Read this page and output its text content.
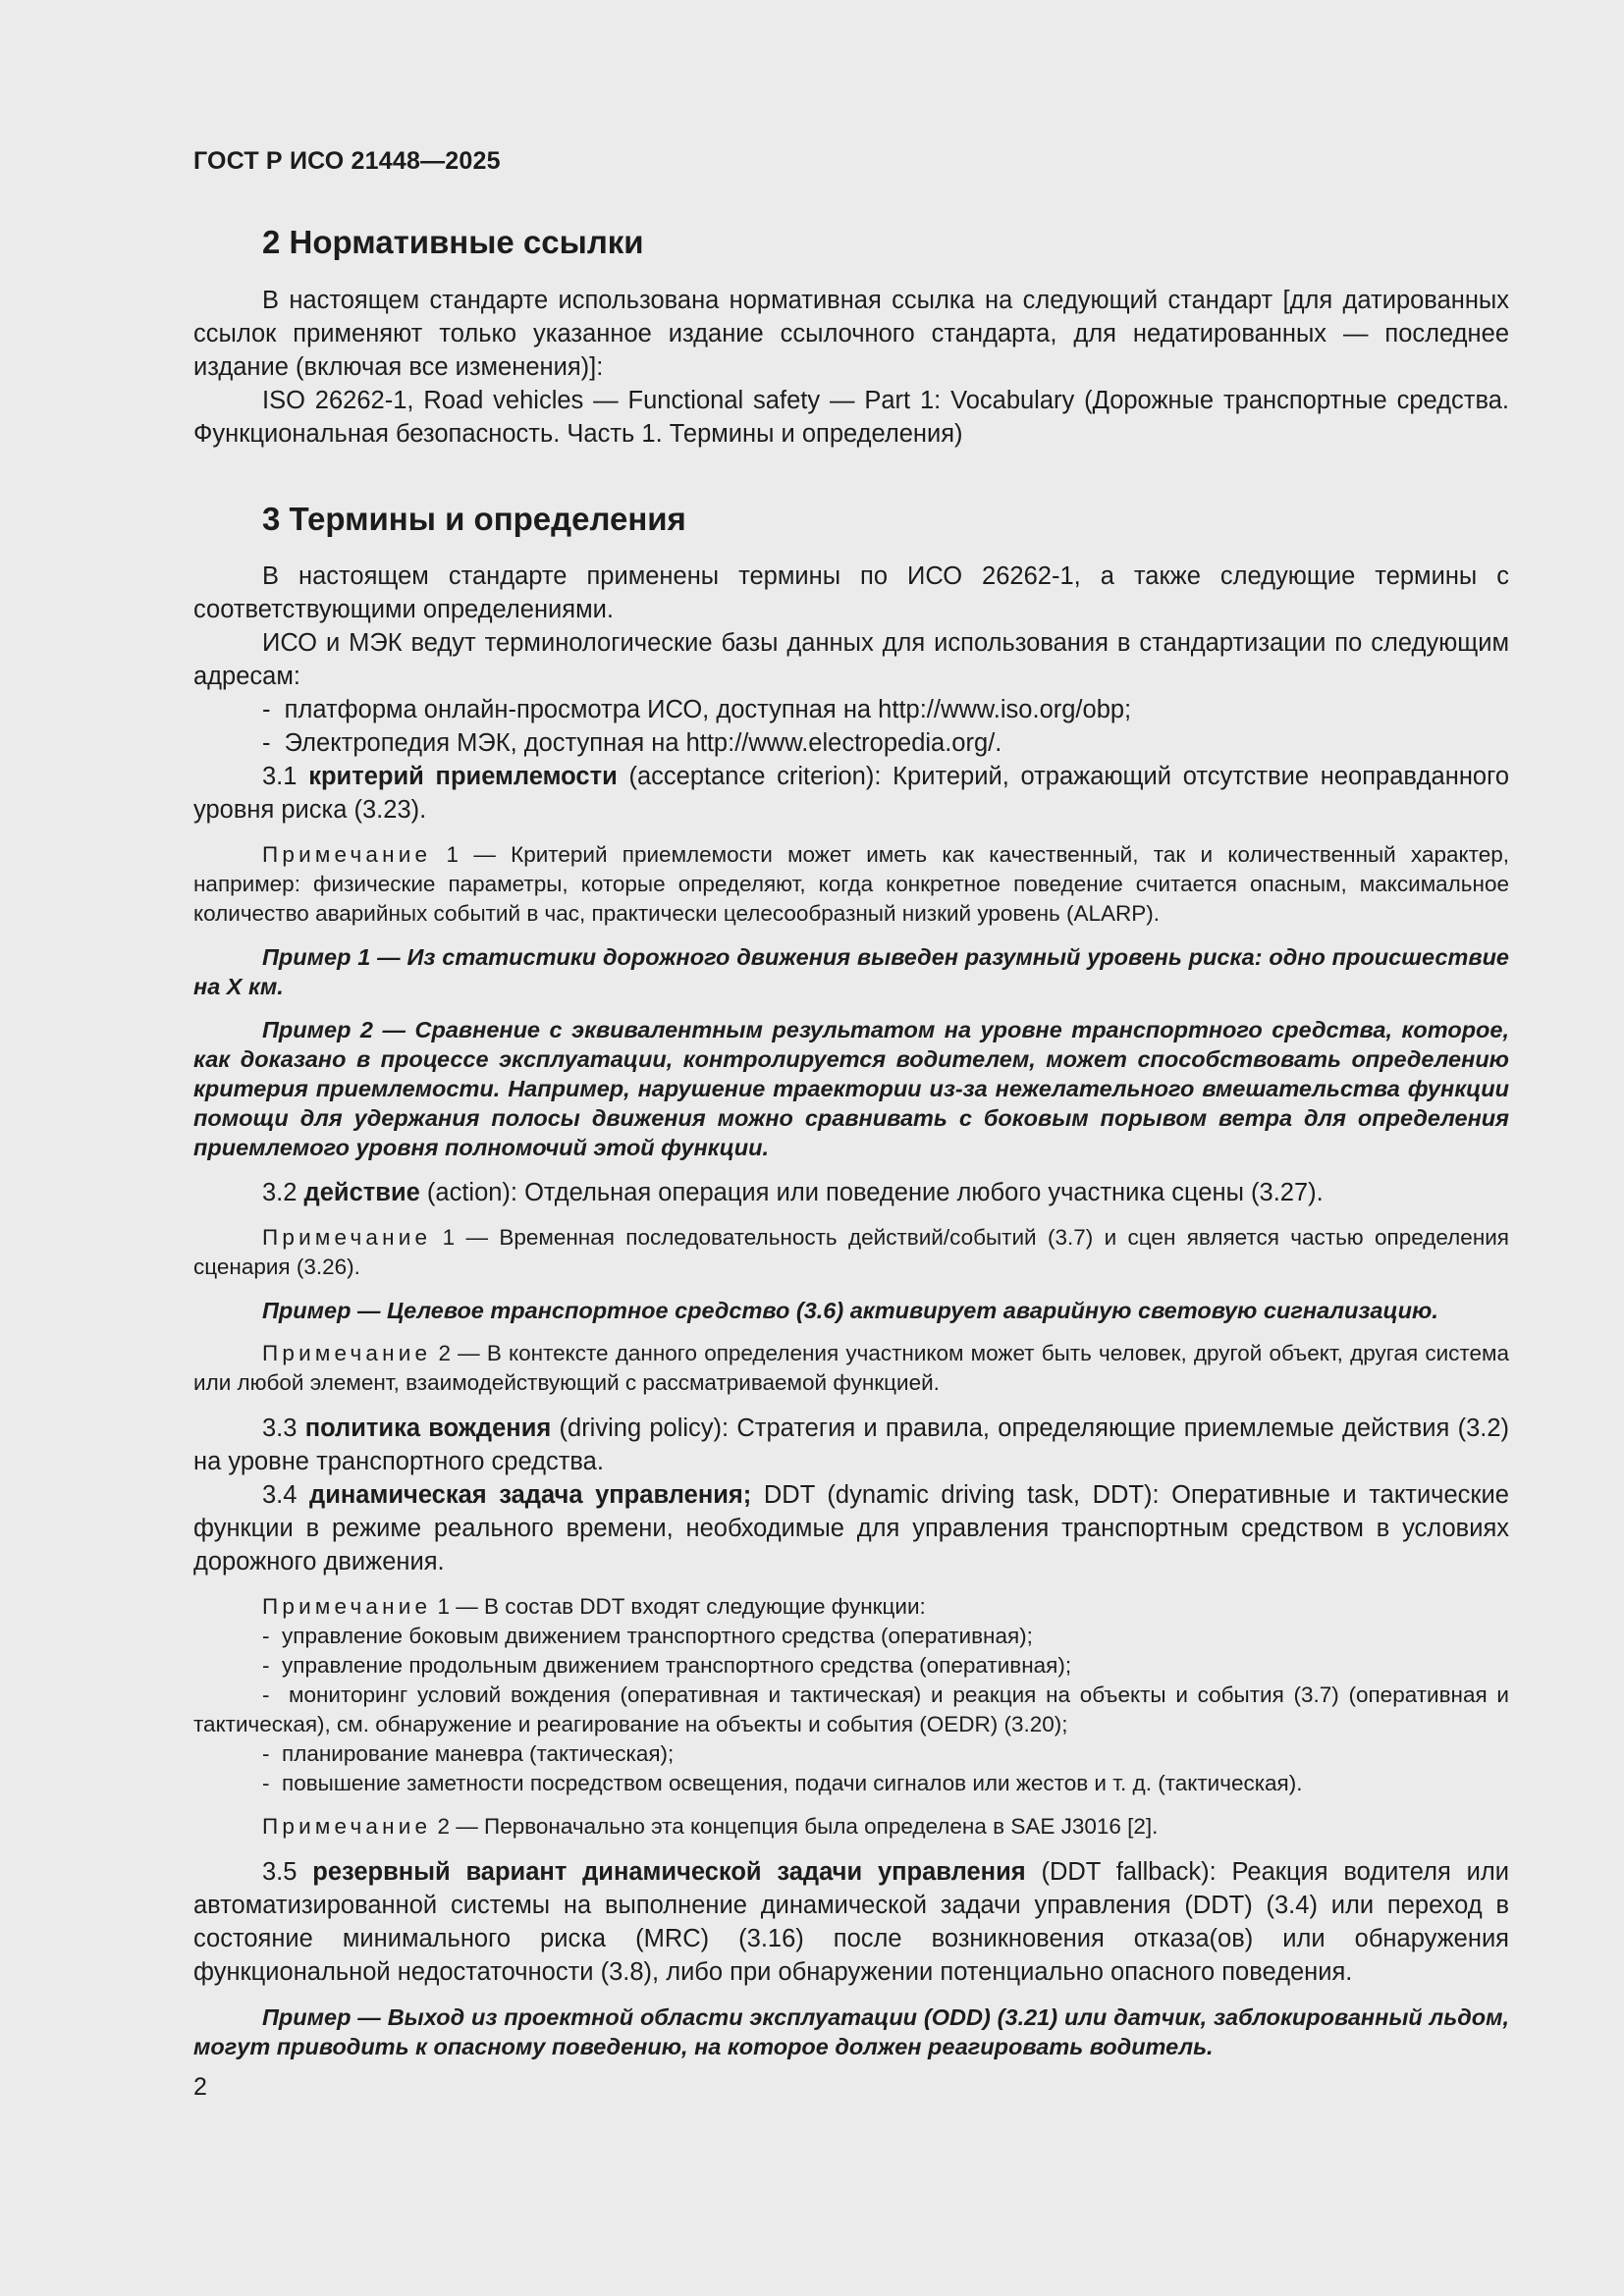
ГОСТ Р ИСО 21448—2025
2 Нормативные ссылки

В настоящем стандарте использована нормативная ссылка на следующий стандарт [для датированных ссылок применяют только указанное издание ссылочного стандарта, для недатированных — последнее издание (включая все изменения)]:

ISO 26262-1, Road vehicles — Functional safety — Part 1: Vocabulary (Дорожные транспортные средства. Функциональная безопасность. Часть 1. Термины и определения)

3 Термины и определения

В настоящем стандарте применены термины по ИСО 26262-1, а также следующие термины с соответствующими определениями.

ИСО и МЭК ведут терминологические базы данных для использования в стандартизации по следующим адресам:

- платформа онлайн-просмотра ИСО, доступная на http://www.iso.org/obp;
- Электропедия МЭК, доступная на http://www.electropedia.org/.

3.1 критерий приемлемости (acceptance criterion): Критерий, отражающий отсутствие неоправданного уровня риска (3.23).

Примечание 1 — Критерий приемлемости может иметь как качественный, так и количественный характер, например: физические параметры, которые определяют, когда конкретное поведение считается опасным, максимальное количество аварийных событий в час, практически целесообразный низкий уровень (ALARP).

Пример 1 — Из статистики дорожного движения выведен разумный уровень риска: одно происшествие на X км.

Пример 2 — Сравнение с эквивалентным результатом на уровне транспортного средства, которое, как доказано в процессе эксплуатации, контролируется водителем, может способствовать определению критерия приемлемости. Например, нарушение траектории из-за нежелательного вмешательства функции помощи для удержания полосы движения можно сравнивать с боковым порывом ветра для определения приемлемого уровня полномочий этой функции.

3.2 действие (action): Отдельная операция или поведение любого участника сцены (3.27).

Примечание 1 — Временная последовательность действий/событий (3.7) и сцен является частью определения сценария (3.26).

Пример — Целевое транспортное средство (3.6) активирует аварийную световую сигнализацию.

Примечание 2 — В контексте данного определения участником может быть человек, другой объект, другая система или любой элемент, взаимодействующий с рассматриваемой функцией.

3.3 политика вождения (driving policy): Стратегия и правила, определяющие приемлемые действия (3.2) на уровне транспортного средства.

3.4 динамическая задача управления; DDT (dynamic driving task, DDT): Оперативные и тактические функции в режиме реального времени, необходимые для управления транспортным средством в условиях дорожного движения.

Примечание 1 — В состав DDT входят следующие функции:
- управление боковым движением транспортного средства (оперативная);
- управление продольным движением транспортного средства (оперативная);
- мониторинг условий вождения (оперативная и тактическая) и реакция на объекты и события (3.7) (оперативная и тактическая), см. обнаружение и реагирование на объекты и события (OEDR) (3.20);
- планирование маневра (тактическая);
- повышение заметности посредством освещения, подачи сигналов или жестов и т. д. (тактическая).

Примечание 2 — Первоначально эта концепция была определена в SAE J3016 [2].

3.5 резервный вариант динамической задачи управления (DDT fallback): Реакция водителя или автоматизированной системы на выполнение динамической задачи управления (DDT) (3.4) или переход в состояние минимального риска (MRC) (3.16) после возникновения отказа(ов) или обнаружения функциональной недостаточности (3.8), либо при обнаружении потенциально опасного поведения.

Пример — Выход из проектной области эксплуатации (ODD) (3.21) или датчик, заблокированный льдом, могут приводить к опасному поведению, на которое должен реагировать водитель.

2
